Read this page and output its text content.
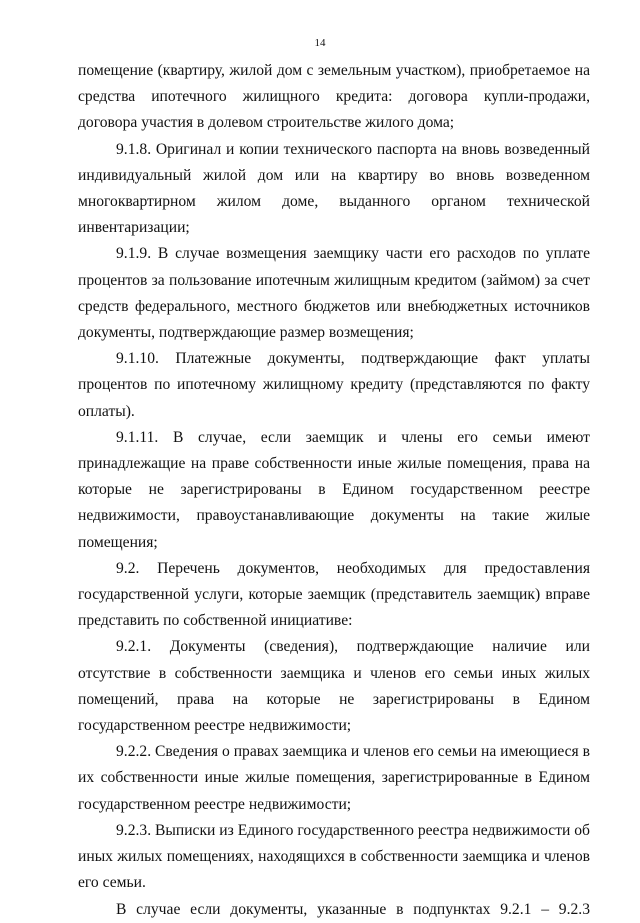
14

помещение (квартиру, жилой дом с земельным участком), приобретаемое на средства ипотечного жилищного кредита: договора купли-продажи, договора участия в долевом строительстве жилого дома;

9.1.8. Оригинал и копии технического паспорта на вновь возведенный индивидуальный жилой дом или на квартиру во вновь возведенном многоквартирном жилом доме, выданного органом технической инвентаризации;

9.1.9. В случае возмещения заемщику части его расходов по уплате процентов за пользование ипотечным жилищным кредитом (займом) за счет средств федерального, местного бюджетов или внебюджетных источников документы, подтверждающие размер возмещения;

9.1.10. Платежные документы, подтверждающие факт уплаты процентов по ипотечному жилищному кредиту (представляются по факту оплаты).

9.1.11. В случае, если заемщик и члены его семьи имеют принадлежащие на праве собственности иные жилые помещения, права на которые не зарегистрированы в Едином государственном реестре недвижимости, правоустанавливающие документы на такие жилые помещения;

9.2. Перечень документов, необходимых для предоставления государственной услуги, которые заемщик (представитель заемщик) вправе представить по собственной инициативе:

9.2.1. Документы (сведения), подтверждающие наличие или отсутствие в собственности заемщика и членов его семьи иных жилых помещений, права на которые не зарегистрированы в Едином государственном реестре недвижимости;

9.2.2. Сведения о правах заемщика и членов его семьи на имеющиеся в их собственности иные жилые помещения, зарегистрированные в Едином государственном реестре недвижимости;

9.2.3. Выписки из Единого государственного реестра недвижимости об иных жилых помещениях, находящихся в собственности заемщика и членов его семьи.

В случае если документы, указанные в подпунктах 9.2.1 – 9.2.3
